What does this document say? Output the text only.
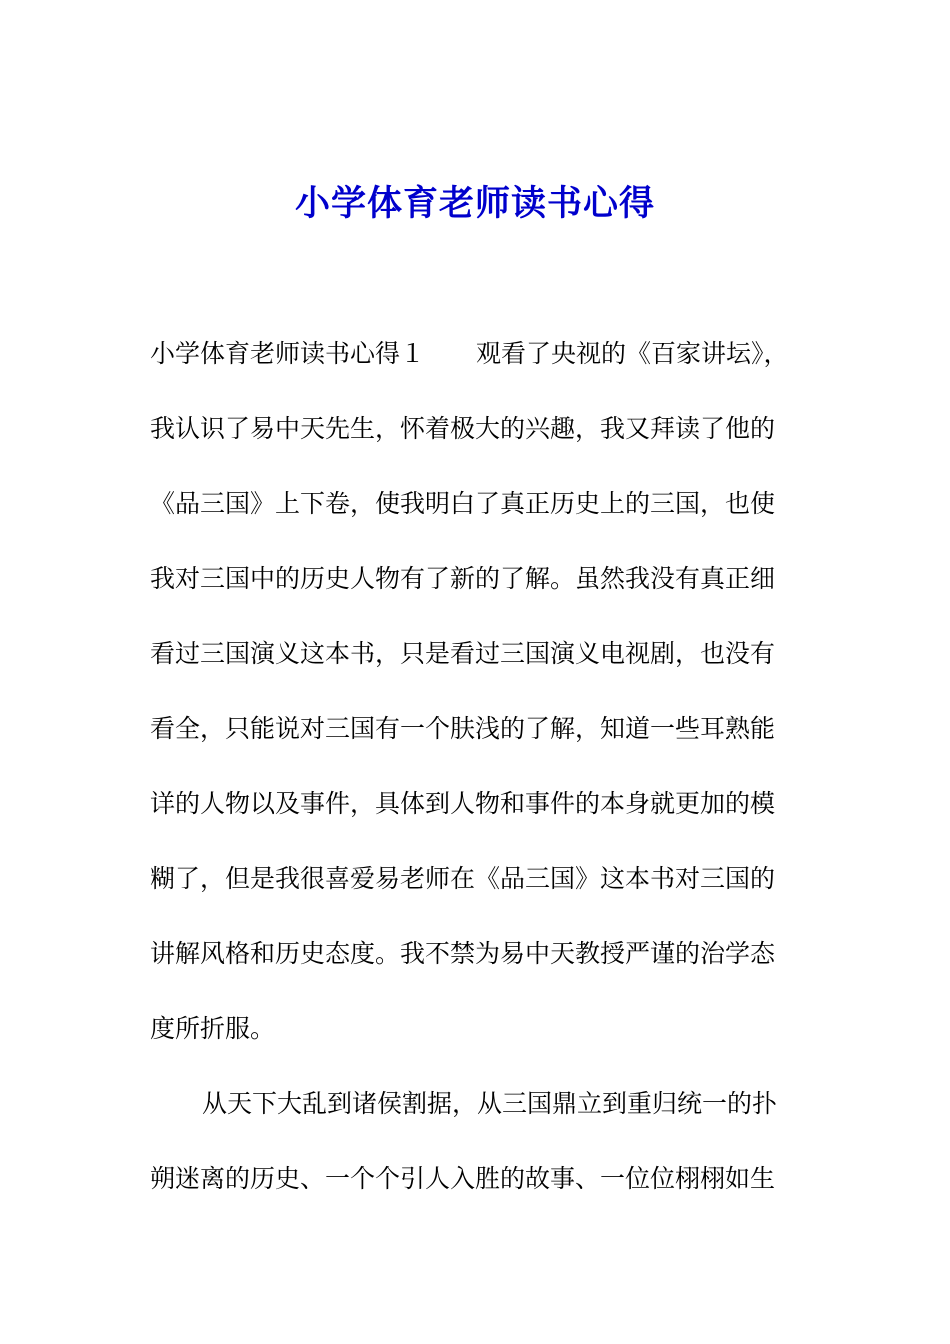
小学体育老师读书心得
小学体育老师读书心得１ 观看了央视的《百家讲坛》，
我认识了易中天先生，怀着极大的兴趣，我又拜读了他的
《品三国》上下卷，使我明白了真正历史上的三国，也使
我对三国中的历史人物有了新的了解。虽然我没有真正细
看过三国演义这本书，只是看过三国演义电视剧，也没有
看全，只能说对三国有一个肤浅的了解，知道一些耳熟能
详的人物以及事件，具体到人物和事件的本身就更加的模
糊了，但是我很喜爱易老师在《品三国》这本书对三国的
讲解风格和历史态度。我不禁为易中天教授严谨的治学态
度所折服。
从天下大乱到诸侯割据，从三国鼎立到重归统一的扑
朔迷离的历史、一个个引人入胜的故事、一位位栩栩如生
